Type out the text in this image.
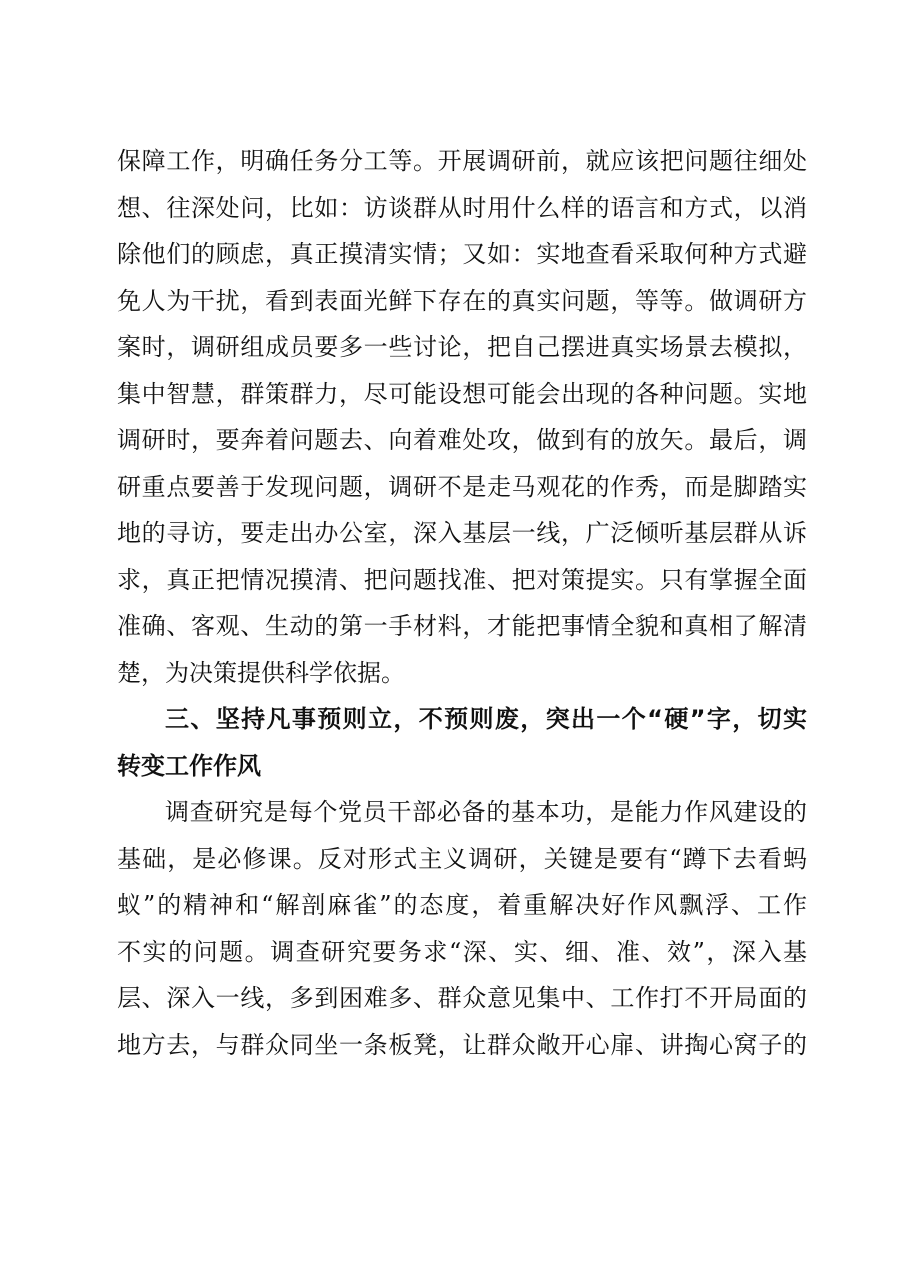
保障工作，明确任务分工等。开展调研前，就应该把问题往细处
想、往深处问，比如：访谈群从时用什么样的语言和方式，以消
除他们的顾虑，真正摸清实情；又如：实地查看采取何种方式避
免人为干扰，看到表面光鲜下存在的真实问题，等等。做调研方
案时，调研组成员要多一些讨论，把自己摆进真实场景去模拟，
集中智慧，群策群力，尽可能设想可能会出现的各种问题。实地
调研时，要奔着问题去、向着难处攻，做到有的放矢。最后，调
研重点要善于发现问题，调研不是走马观花的作秀，而是脚踏实
地的寻访，要走出办公室，深入基层一线，广泛倾听基层群从诉
求，真正把情况摸清、把问题找准、把对策提实。只有掌握全面
准确、客观、生动的第一手材料，才能把事情全貌和真相了解清
楚，为决策提供科学依据。
三、坚持凡事预则立，不预则废，突出一个“硬”字，切实
转变工作作风
调查研究是每个党员干部必备的基本功，是能力作风建设的
基础，是必修课。反对形式主义调研，关键是要有“蹲下去看蚂
蚁”的精神和“解剖麻雀”的态度，着重解决好作风飘浮、工作
不实的问题。调查研究要务求“深、实、细、准、效”，深入基
层、深入一线，多到困难多、群众意见集中、工作打不开局面的
地方去，与群众同坐一条板凳，让群众敞开心扉、讲掏心窝子的
